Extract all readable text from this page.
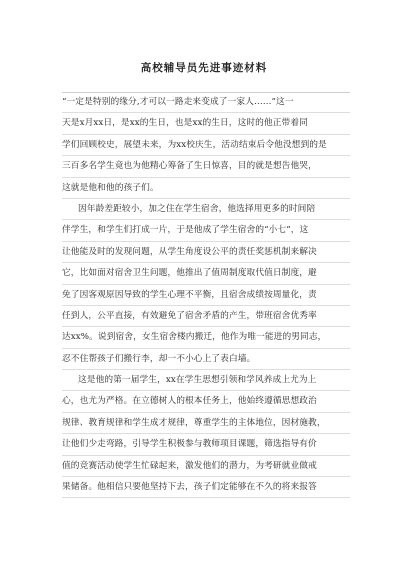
高校辅导员先进事迹材料
“一定是特别的缘分,才可以一路走来变成了一家人……”这一
天是x月xx日，是xx的生日，也是xx的生日，这时的他正带着同
学们回顾校史，展望未来，为xx校庆生，活动结束后令他没想到的是
三百多名学生竟也为他精心筹备了生日惊喜，目的就是想告他哭，
这就是他和他的孩子们。
因年龄差距较小，加之住在学生宿舍，他选择用更多的时间陪
伴学生，和学生们打成一片，于是他成了学生宿舍的“小七”，这
让他能及时的发现问题，从学生角度设公平的责任奖惩机制来解决
它，比如面对宿舍卫生问题，他推出了值周制度取代值日制度，避
免了因客观原因导致的学生心理不平衡，且宿舍成绩按周量化，责
任到人，公平直接，有效避免了宿舍矛盾的产生，带班宿舍优秀率
达xx%。说到宿舍，女生宿舍楼内搬迁，他作为唯一能进的男同志，
忍不住帮孩子们搬行李，却一不小心上了表白墙。
这是他的第一届学生，xx在学生思想引领和学风养成上尤为上
心，也尤为严格。在立德树人的根本任务上，他始终遵循思想政治
规律、教育规律和学生成才规律，尊重学生的主体地位，因材施教，
让他们少走弯路，引导学生积极参与教师项目课题，筛选指导有价
值的竞赛活动使学生忙碌起来，激发他们的潜力，为考研就业做戒
果储备。他相信只要他坚持下去，孩子们定能够在不久的将来报答
